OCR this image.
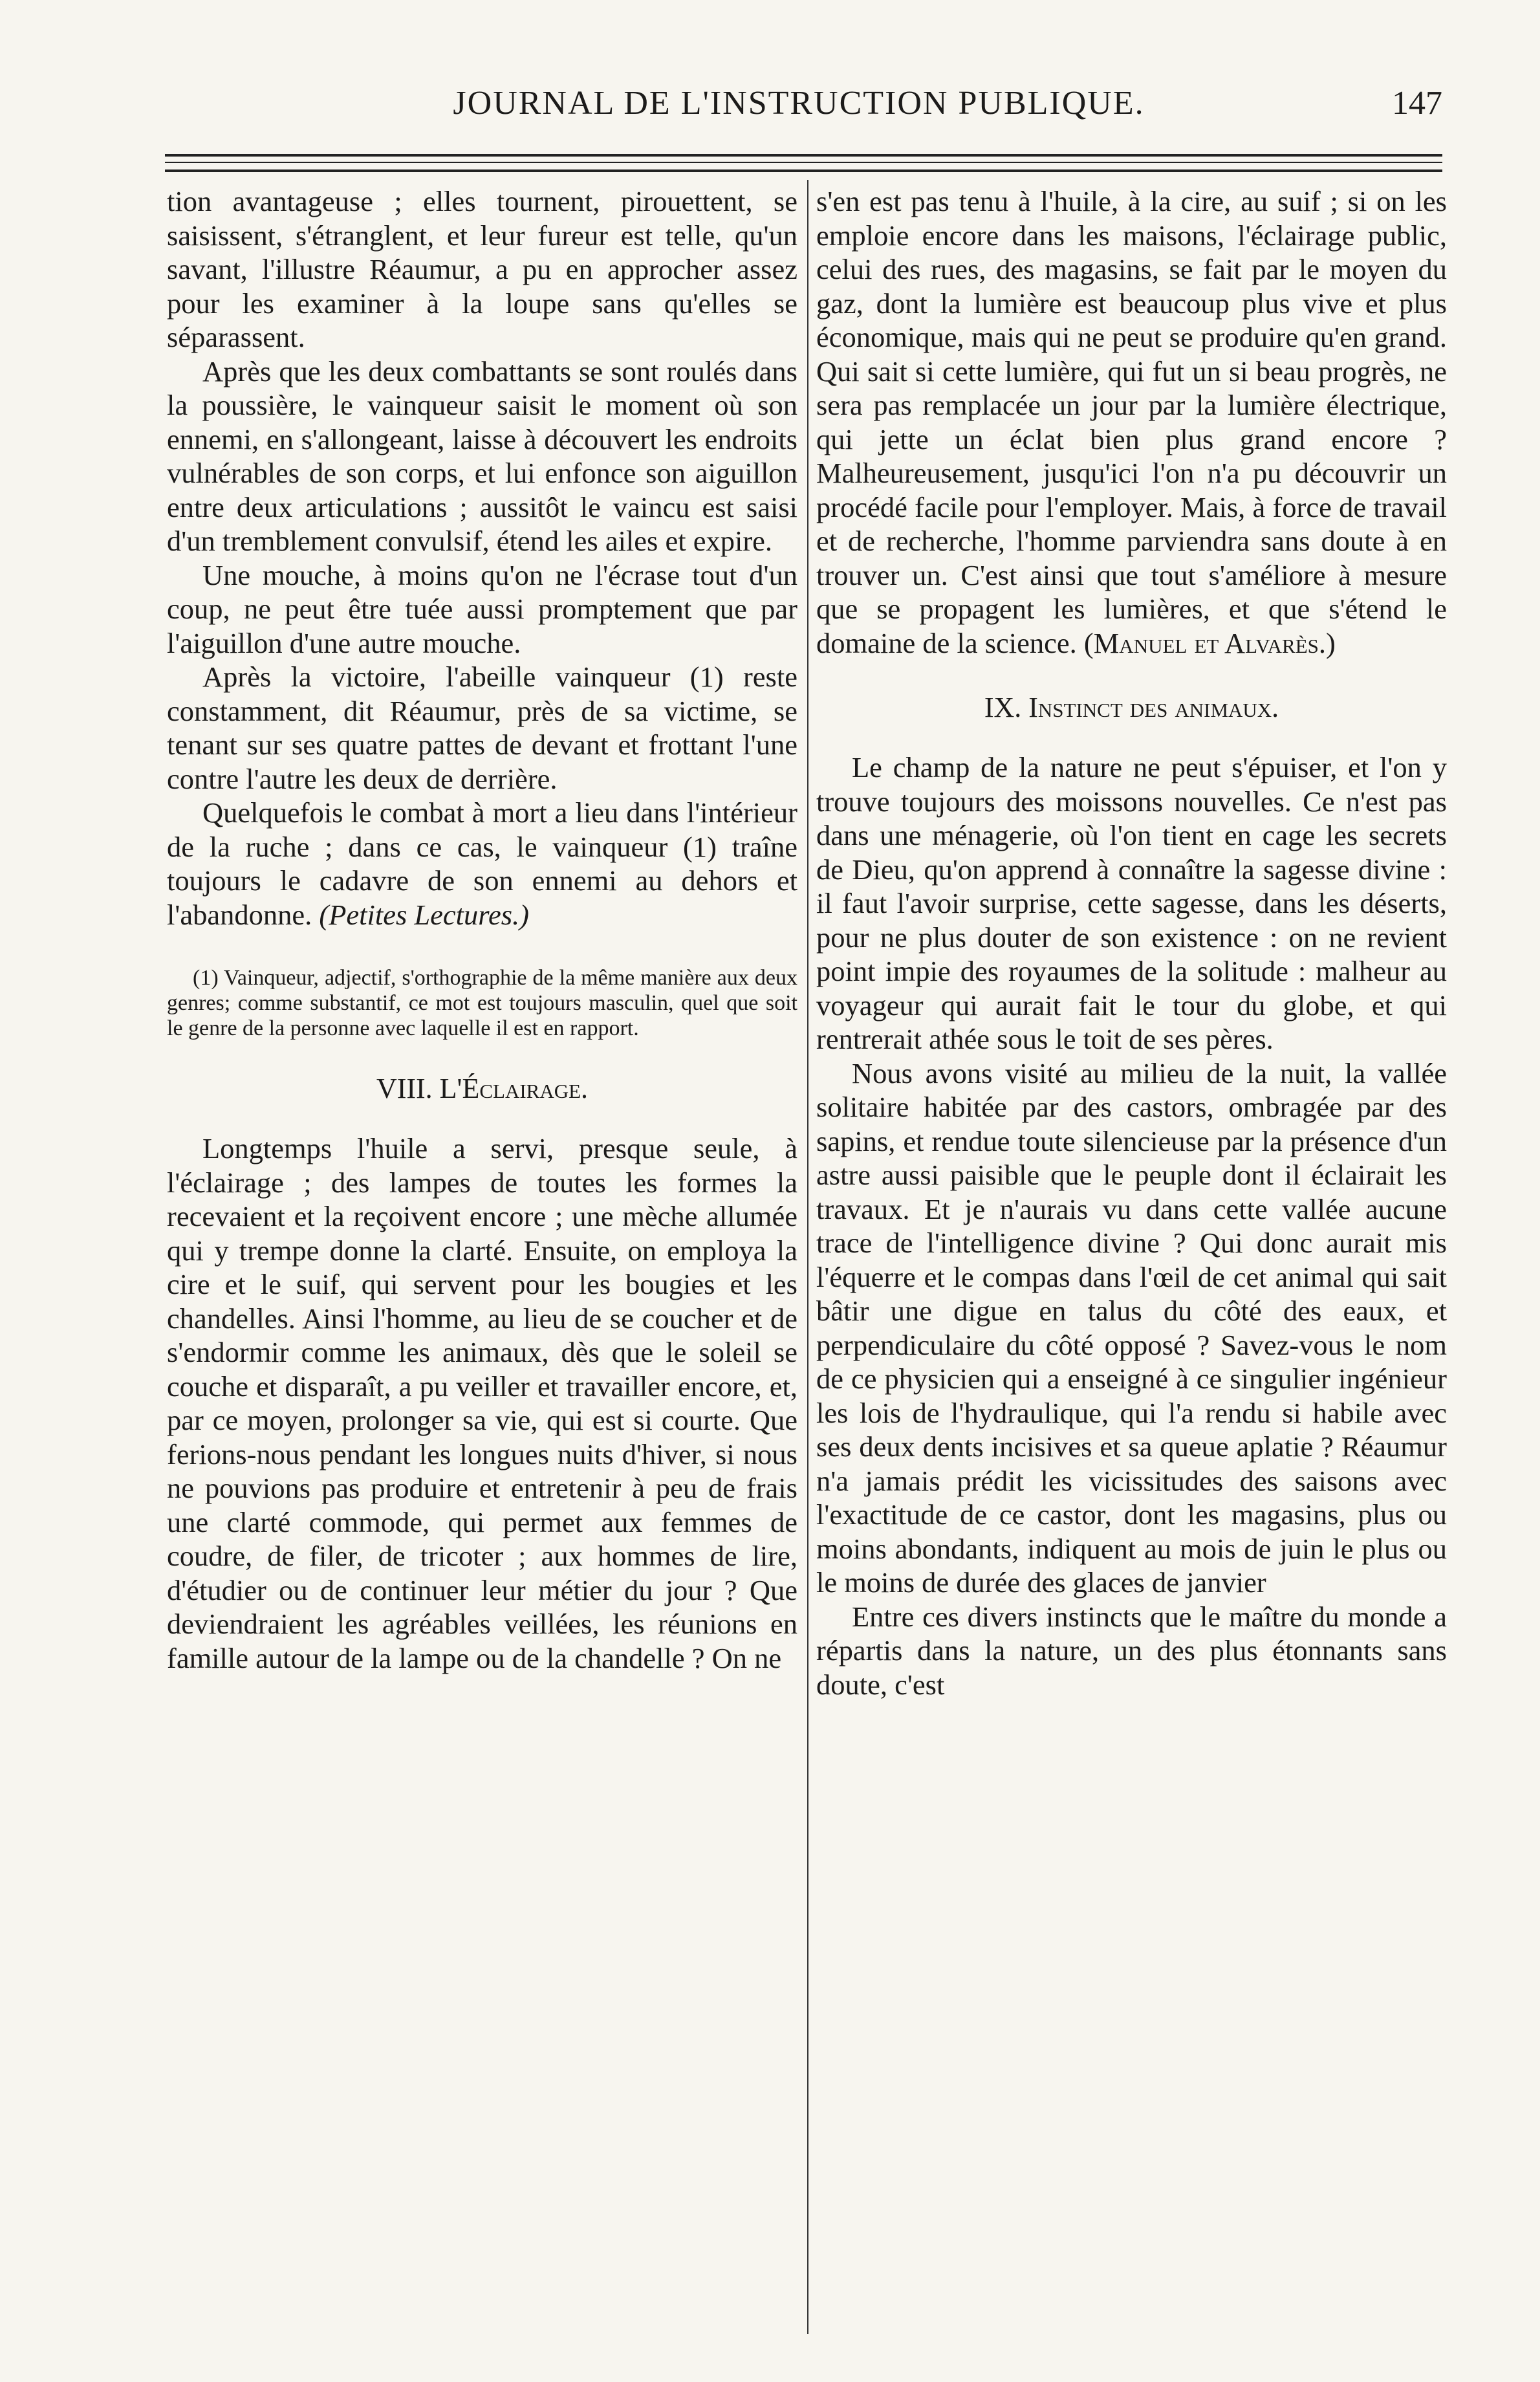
JOURNAL DE L'INSTRUCTION PUBLIQUE.	147

tion avantageuse ; elles tournent, pirouettent, se saisissent, s'étranglent, et leur fureur est telle, qu'un savant, l'illustre Réaumur, a pu en approcher assez pour les examiner à la loupe sans qu'elles se séparassent.

Après que les deux combattants se sont roulés dans la poussière, le vainqueur saisit le moment où son ennemi, en s'allongeant, laisse à découvert les endroits vulnérables de son corps, et lui enfonce son aiguillon entre deux articulations ; aussitôt le vaincu est saisi d'un tremblement convulsif, étend les ailes et expire.

Une mouche, à moins qu'on ne l'écrase tout d'un coup, ne peut être tuée aussi promptement que par l'aiguillon d'une autre mouche.

Après la victoire, l'abeille vainqueur (1) reste constamment, dit Réaumur, près de sa victime, se tenant sur ses quatre pattes de devant et frottant l'une contre l'autre les deux de derrière.

Quelquefois le combat à mort a lieu dans l'intérieur de la ruche ; dans ce cas, le vainqueur (1) traîne toujours le cadavre de son ennemi au dehors et l'abandonne. (Petites Lectures.)

(1) Vainqueur, adjectif, s'orthographie de la même manière aux deux genres; comme substantif, ce mot est toujours masculin, quel que soit le genre de la personne avec laquelle il est en rapport.

VIII. L'Éclairage.

Longtemps l'huile a servi, presque seule, à l'éclairage ; des lampes de toutes les formes la recevaient et la reçoivent encore ; une mèche allumée qui y trempe donne la clarté. Ensuite, on employa la cire et le suif, qui servent pour les bougies et les chandelles. Ainsi l'homme, au lieu de se coucher et de s'endormir comme les animaux, dès que le soleil se couche et disparaît, a pu veiller et travailler encore, et, par ce moyen, prolonger sa vie, qui est si courte. Que ferions-nous pendant les longues nuits d'hiver, si nous ne pouvions pas produire et entretenir à peu de frais une clarté commode, qui permet aux femmes de coudre, de filer, de tricoter ; aux hommes de lire, d'étudier ou de continuer leur métier du jour ? Que deviendraient les agréables veillées, les réunions en famille autour de la lampe ou de la chandelle ? On ne

s'en est pas tenu à l'huile, à la cire, au suif ; si on les emploie encore dans les maisons, l'éclairage public, celui des rues, des magasins, se fait par le moyen du gaz, dont la lumière est beaucoup plus vive et plus économique, mais qui ne peut se produire qu'en grand. Qui sait si cette lumière, qui fut un si beau progrès, ne sera pas remplacée un jour par la lumière électrique, qui jette un éclat bien plus grand encore ? Malheureusement, jusqu'ici l'on n'a pu découvrir un procédé facile pour l'employer. Mais, à force de travail et de recherche, l'homme parviendra sans doute à en trouver un. C'est ainsi que tout s'améliore à mesure que se propagent les lumières, et que s'étend le domaine de la science. (Manuel et Alvarès.)

IX. Instinct des animaux.

Le champ de la nature ne peut s'épuiser, et l'on y trouve toujours des moissons nouvelles. Ce n'est pas dans une ménagerie, où l'on tient en cage les secrets de Dieu, qu'on apprend à connaître la sagesse divine : il faut l'avoir surprise, cette sagesse, dans les déserts, pour ne plus douter de son existence : on ne revient point impie des royaumes de la solitude : malheur au voyageur qui aurait fait le tour du globe, et qui rentrerait athée sous le toit de ses pères.

Nous avons visité au milieu de la nuit, la vallée solitaire habitée par des castors, ombragée par des sapins, et rendue toute silencieuse par la présence d'un astre aussi paisible que le peuple dont il éclairait les travaux. Et je n'aurais vu dans cette vallée aucune trace de l'intelligence divine ? Qui donc aurait mis l'équerre et le compas dans l'œil de cet animal qui sait bâtir une digue en talus du côté des eaux, et perpendiculaire du côté opposé ? Savez-vous le nom de ce physicien qui a enseigné à ce singulier ingénieur les lois de l'hydraulique, qui l'a rendu si habile avec ses deux dents incisives et sa queue aplatie ? Réaumur n'a jamais prédit les vicissitudes des saisons avec l'exactitude de ce castor, dont les magasins, plus ou moins abondants, indiquent au mois de juin le plus ou le moins de durée des glaces de janvier

Entre ces divers instincts que le maître du monde a répartis dans la nature, un des plus étonnants sans doute, c'est
